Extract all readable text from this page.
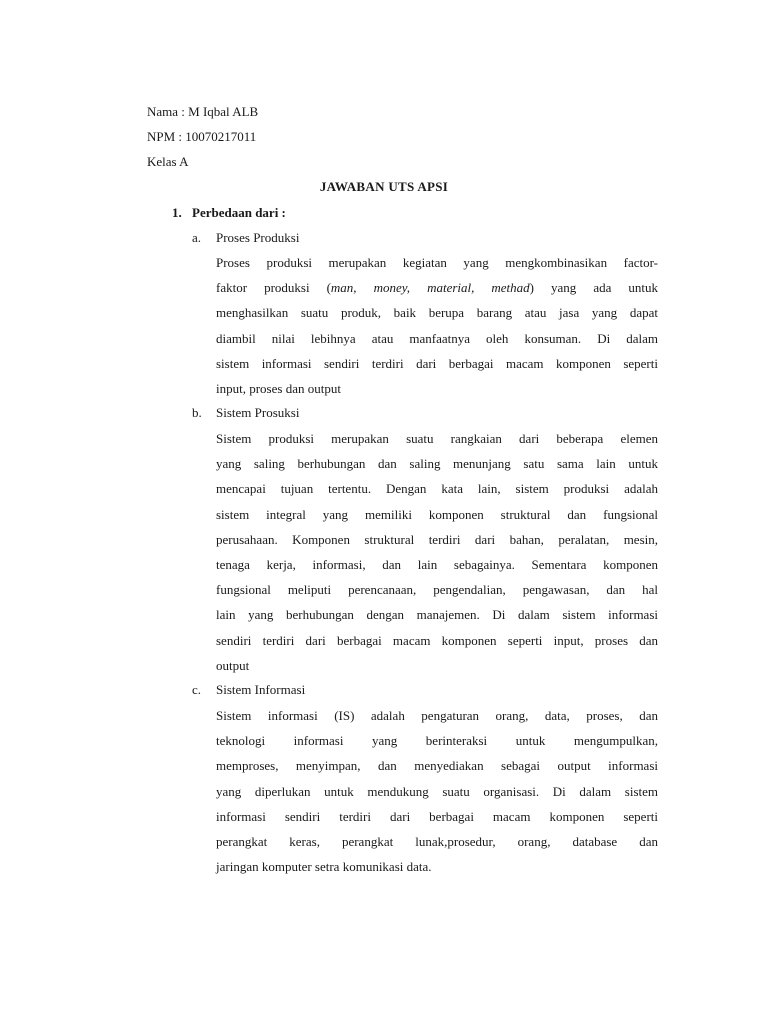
Nama : M Iqbal ALB
NPM : 10070217011
Kelas A
JAWABAN UTS APSI
1. Perbedaan dari :
a. Proses Produksi
Proses produksi merupakan kegiatan yang mengkombinasikan factor-
faktor produksi (man, money, material, methad) yang ada untuk
menghasilkan suatu produk, baik berupa barang atau jasa yang dapat
diambil nilai lebihnya atau manfaatnya oleh konsuman. Di dalam
sistem informasi sendiri terdiri dari berbagai macam komponen seperti
input, proses dan output
b. Sistem Prosuksi
Sistem produksi merupakan suatu rangkaian dari beberapa elemen
yang saling berhubungan dan saling menunjang satu sama lain untuk
mencapai tujuan tertentu. Dengan kata lain, sistem produksi adalah
sistem integral yang memiliki komponen struktural dan fungsional
perusahaan. Komponen struktural terdiri dari bahan, peralatan, mesin,
tenaga kerja, informasi, dan lain sebagainya. Sementara komponen
fungsional meliputi perencanaan, pengendalian, pengawasan, dan hal
lain yang berhubungan dengan manajemen. Di dalam sistem informasi
sendiri terdiri dari berbagai macam komponen seperti input, proses dan
output
c. Sistem Informasi
Sistem informasi (IS) adalah pengaturan orang, data, proses, dan
teknologi informasi yang berinteraksi untuk mengumpulkan,
memproses, menyimpan, dan menyediakan sebagai output informasi
yang diperlukan untuk mendukung suatu organisasi. Di dalam sistem
informasi sendiri terdiri dari berbagai macam komponen seperti
perangkat keras, perangkat lunak,prosedur, orang, database dan
jaringan komputer setra komunikasi data.
